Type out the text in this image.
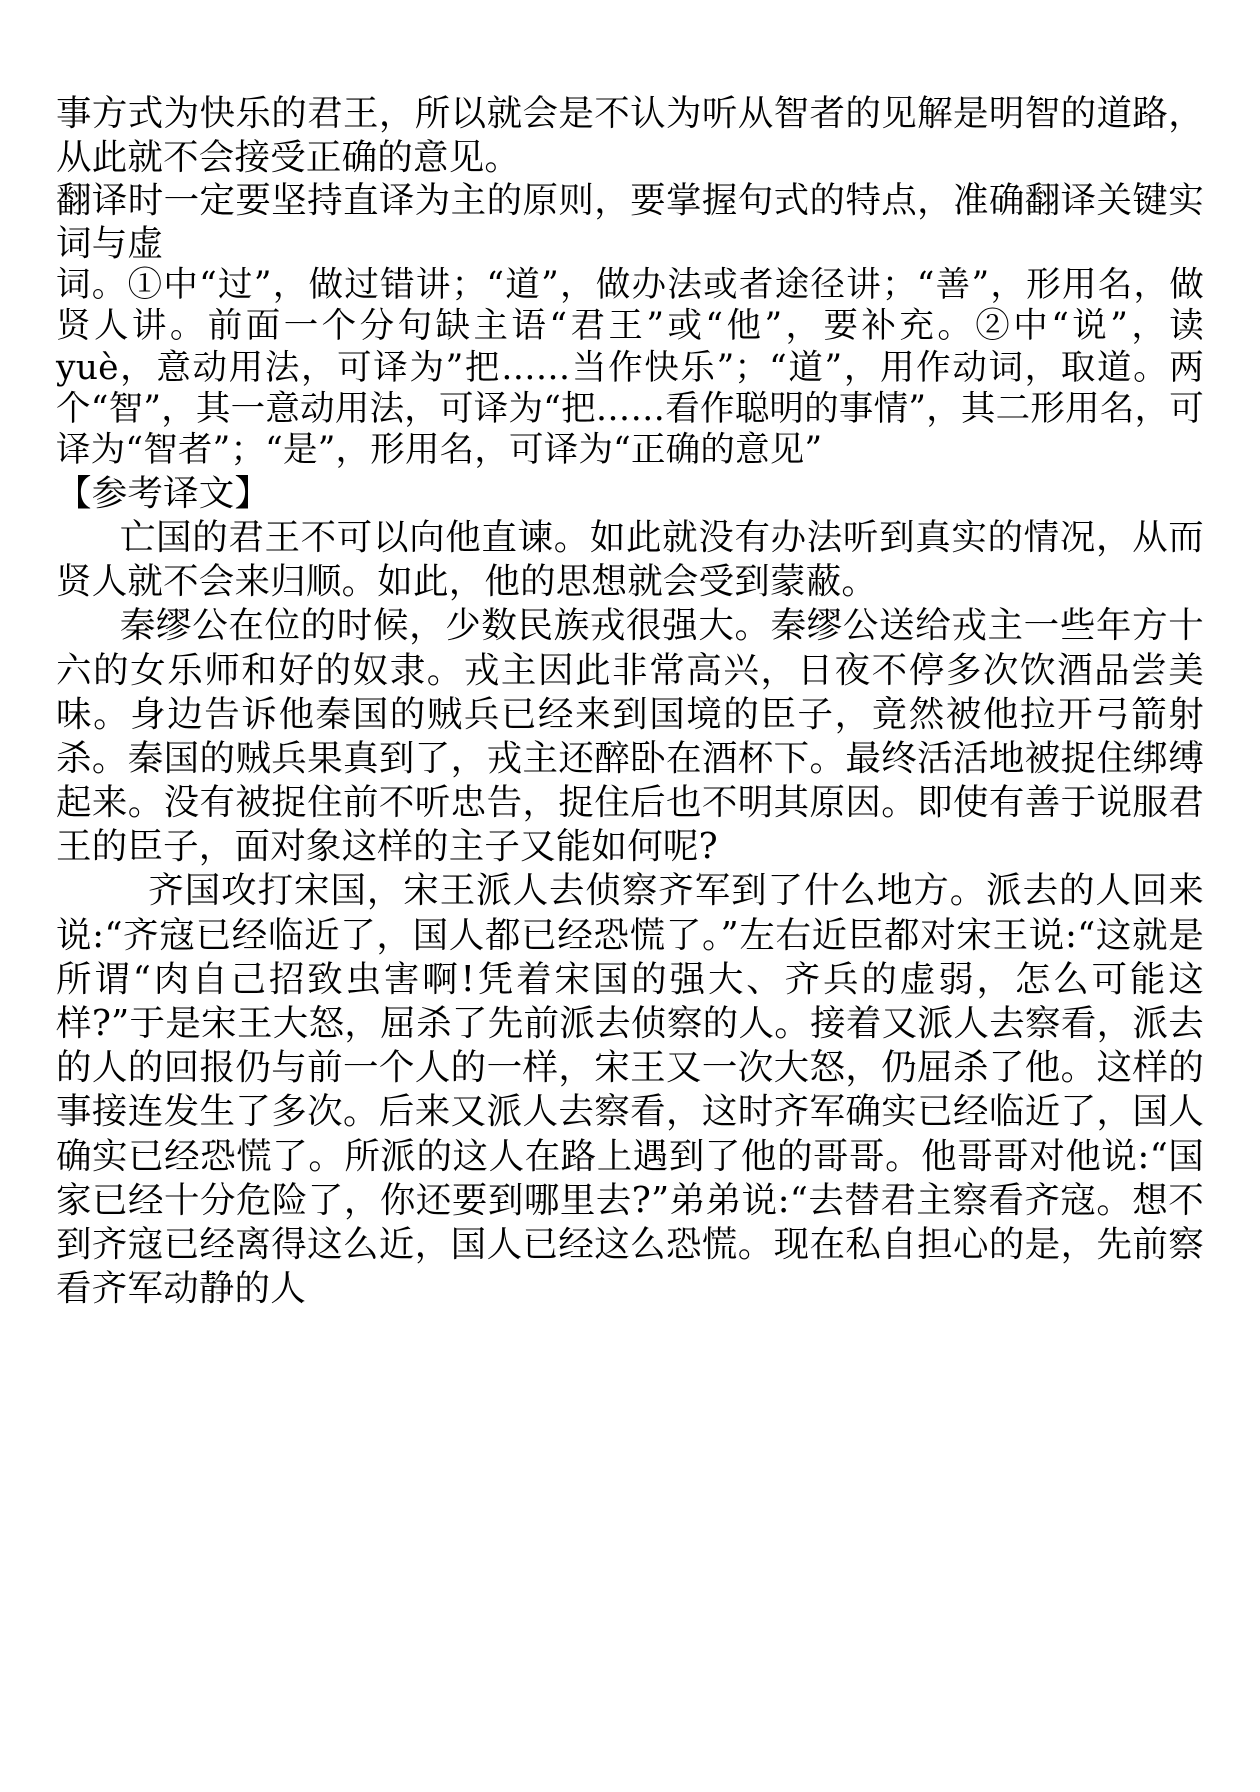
事方式为快乐的君王，所以就会是不认为听从智者的见解是明智的道路，从此就不会接受正确的意见。

翻译时一定要坚持直译为主的原则，要掌握句式的特点，准确翻译关键实词与虚

词。①中“过”，做过错讲；“道”，做办法或者途径讲；“善”，形用名，做贤人讲。前面一个分句缺主语“君王”或“他”，要补充。②中“说”，读 yuè，意动用法，可译为”把……当作快乐”；“道”，用作动词，取道。两个“智”，其一意动用法，可译为“把……看作聪明的事情”，其二形用名，可译为“智者”；“是”，形用名，可译为“正确的意见”

【参考译文】

亡国的君王不可以向他直谏。如此就没有办法听到真实的情况，从而贤人就不会来归顺。如此，他的思想就会受到蒙蔽。

秦缪公在位的时候，少数民族戎很强大。秦缪公送给戎主一些年方十六的女乐师和好的奴隶。戎主因此非常高兴，日夜不停多次饮酒品尝美味。身边告诉他秦国的贼兵已经来到国境的臣子，竟然被他拉开弓箭射杀。秦国的贼兵果真到了，戎主还醉卧在酒杯下。最终活活地被捉住绑缚起来。没有被捉住前不听忠告，捉住后也不明其原因。即使有善于说服君王的臣子，面对象这样的主子又能如何呢?

齐国攻打宋国，宋王派人去侦察齐军到了什么地方。派去的人回来说:“齐寇已经临近了，国人都已经恐慌了。”左右近臣都对宋王说:“这就是所谓“肉自己招致虫害啊!凭着宋国的强大、齐兵的虚弱，怎么可能这样?”于是宋王大怒，屈杀了先前派去侦察的人。接着又派人去察看，派去的人的回报仍与前一个人的一样，宋王又一次大怒，仍屈杀了他。这样的事接连发生了多次。后来又派人去察看，这时齐军确实已经临近了，国人确实已经恐慌了。所派的这人在路上遇到了他的哥哥。他哥哥对他说:“国家已经十分危险了，你还要到哪里去?”弟弟说:“去替君主察看齐寇。想不到齐寇已经离得这么近，国人已经这么恐慌。现在私自担心的是，先前察看齐军动静的人
